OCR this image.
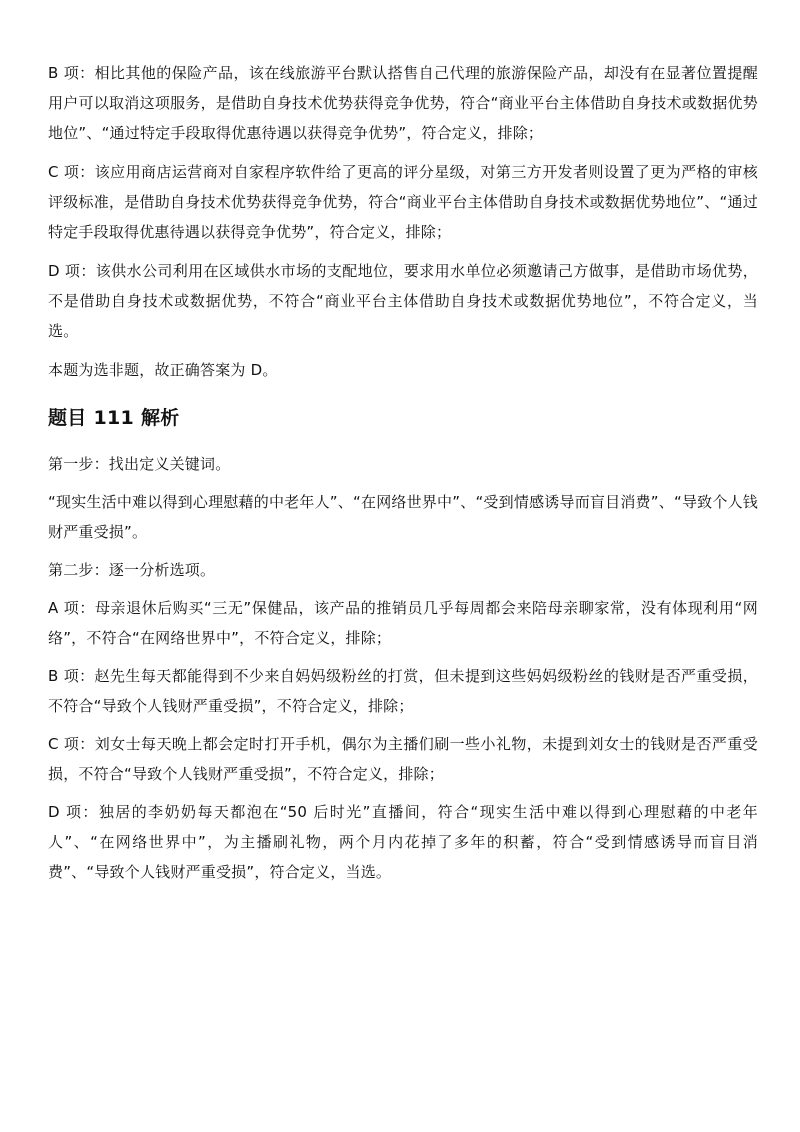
B 项：相比其他的保险产品，该在线旅游平台默认搭售自己代理的旅游保险产品，却没有在显著位置提醒用户可以取消这项服务，是借助自身技术优势获得竞争优势，符合“商业平台主体借助自身技术或数据优势地位”、“通过特定手段取得优惠待遇以获得竞争优势”，符合定义，排除；

C 项：该应用商店运营商对自家程序软件给了更高的评分星级，对第三方开发者则设置了更为严格的审核评级标准，是借助自身技术优势获得竞争优势，符合“商业平台主体借助自身技术或数据优势地位”、“通过特定手段取得优惠待遇以获得竞争优势”，符合定义，排除；

D 项：该供水公司利用在区域供水市场的支配地位，要求用水单位必须邀请己方做事，是借助市场优势，不是借助自身技术或数据优势，不符合“商业平台主体借助自身技术或数据优势地位”，不符合定义，当选。

本题为选非题，故正确答案为 D。

题目 111 解析

第一步：找出定义关键词。

“现实生活中难以得到心理慰藉的中老年人”、“在网络世界中”、“受到情感诱导而盲目消费”、“导致个人钱财严重受损”。

第二步：逐一分析选项。

A 项：母亲退休后购买“三无”保健品，该产品的推销员几乎每周都会来陪母亲聊家常，没有体现利用“网络”，不符合“在网络世界中”，不符合定义，排除；

B 项：赵先生每天都能得到不少来自妈妈级粉丝的打赏，但未提到这些妈妈级粉丝的钱财是否严重受损，不符合“导致个人钱财严重受损”，不符合定义，排除；

C 项：刘女士每天晚上都会定时打开手机，偶尔为主播们刷一些小礼物，未提到刘女士的钱财是否严重受损，不符合“导致个人钱财严重受损”，不符合定义，排除；

D 项：独居的李奶奶每天都泡在“50 后时光”直播间，符合“现实生活中难以得到心理慰藉的中老年人”、“在网络世界中”，为主播刷礼物，两个月内花掉了多年的积蓄，符合“受到情感诱导而盲目消费”、“导致个人钱财严重受损”，符合定义，当选。
